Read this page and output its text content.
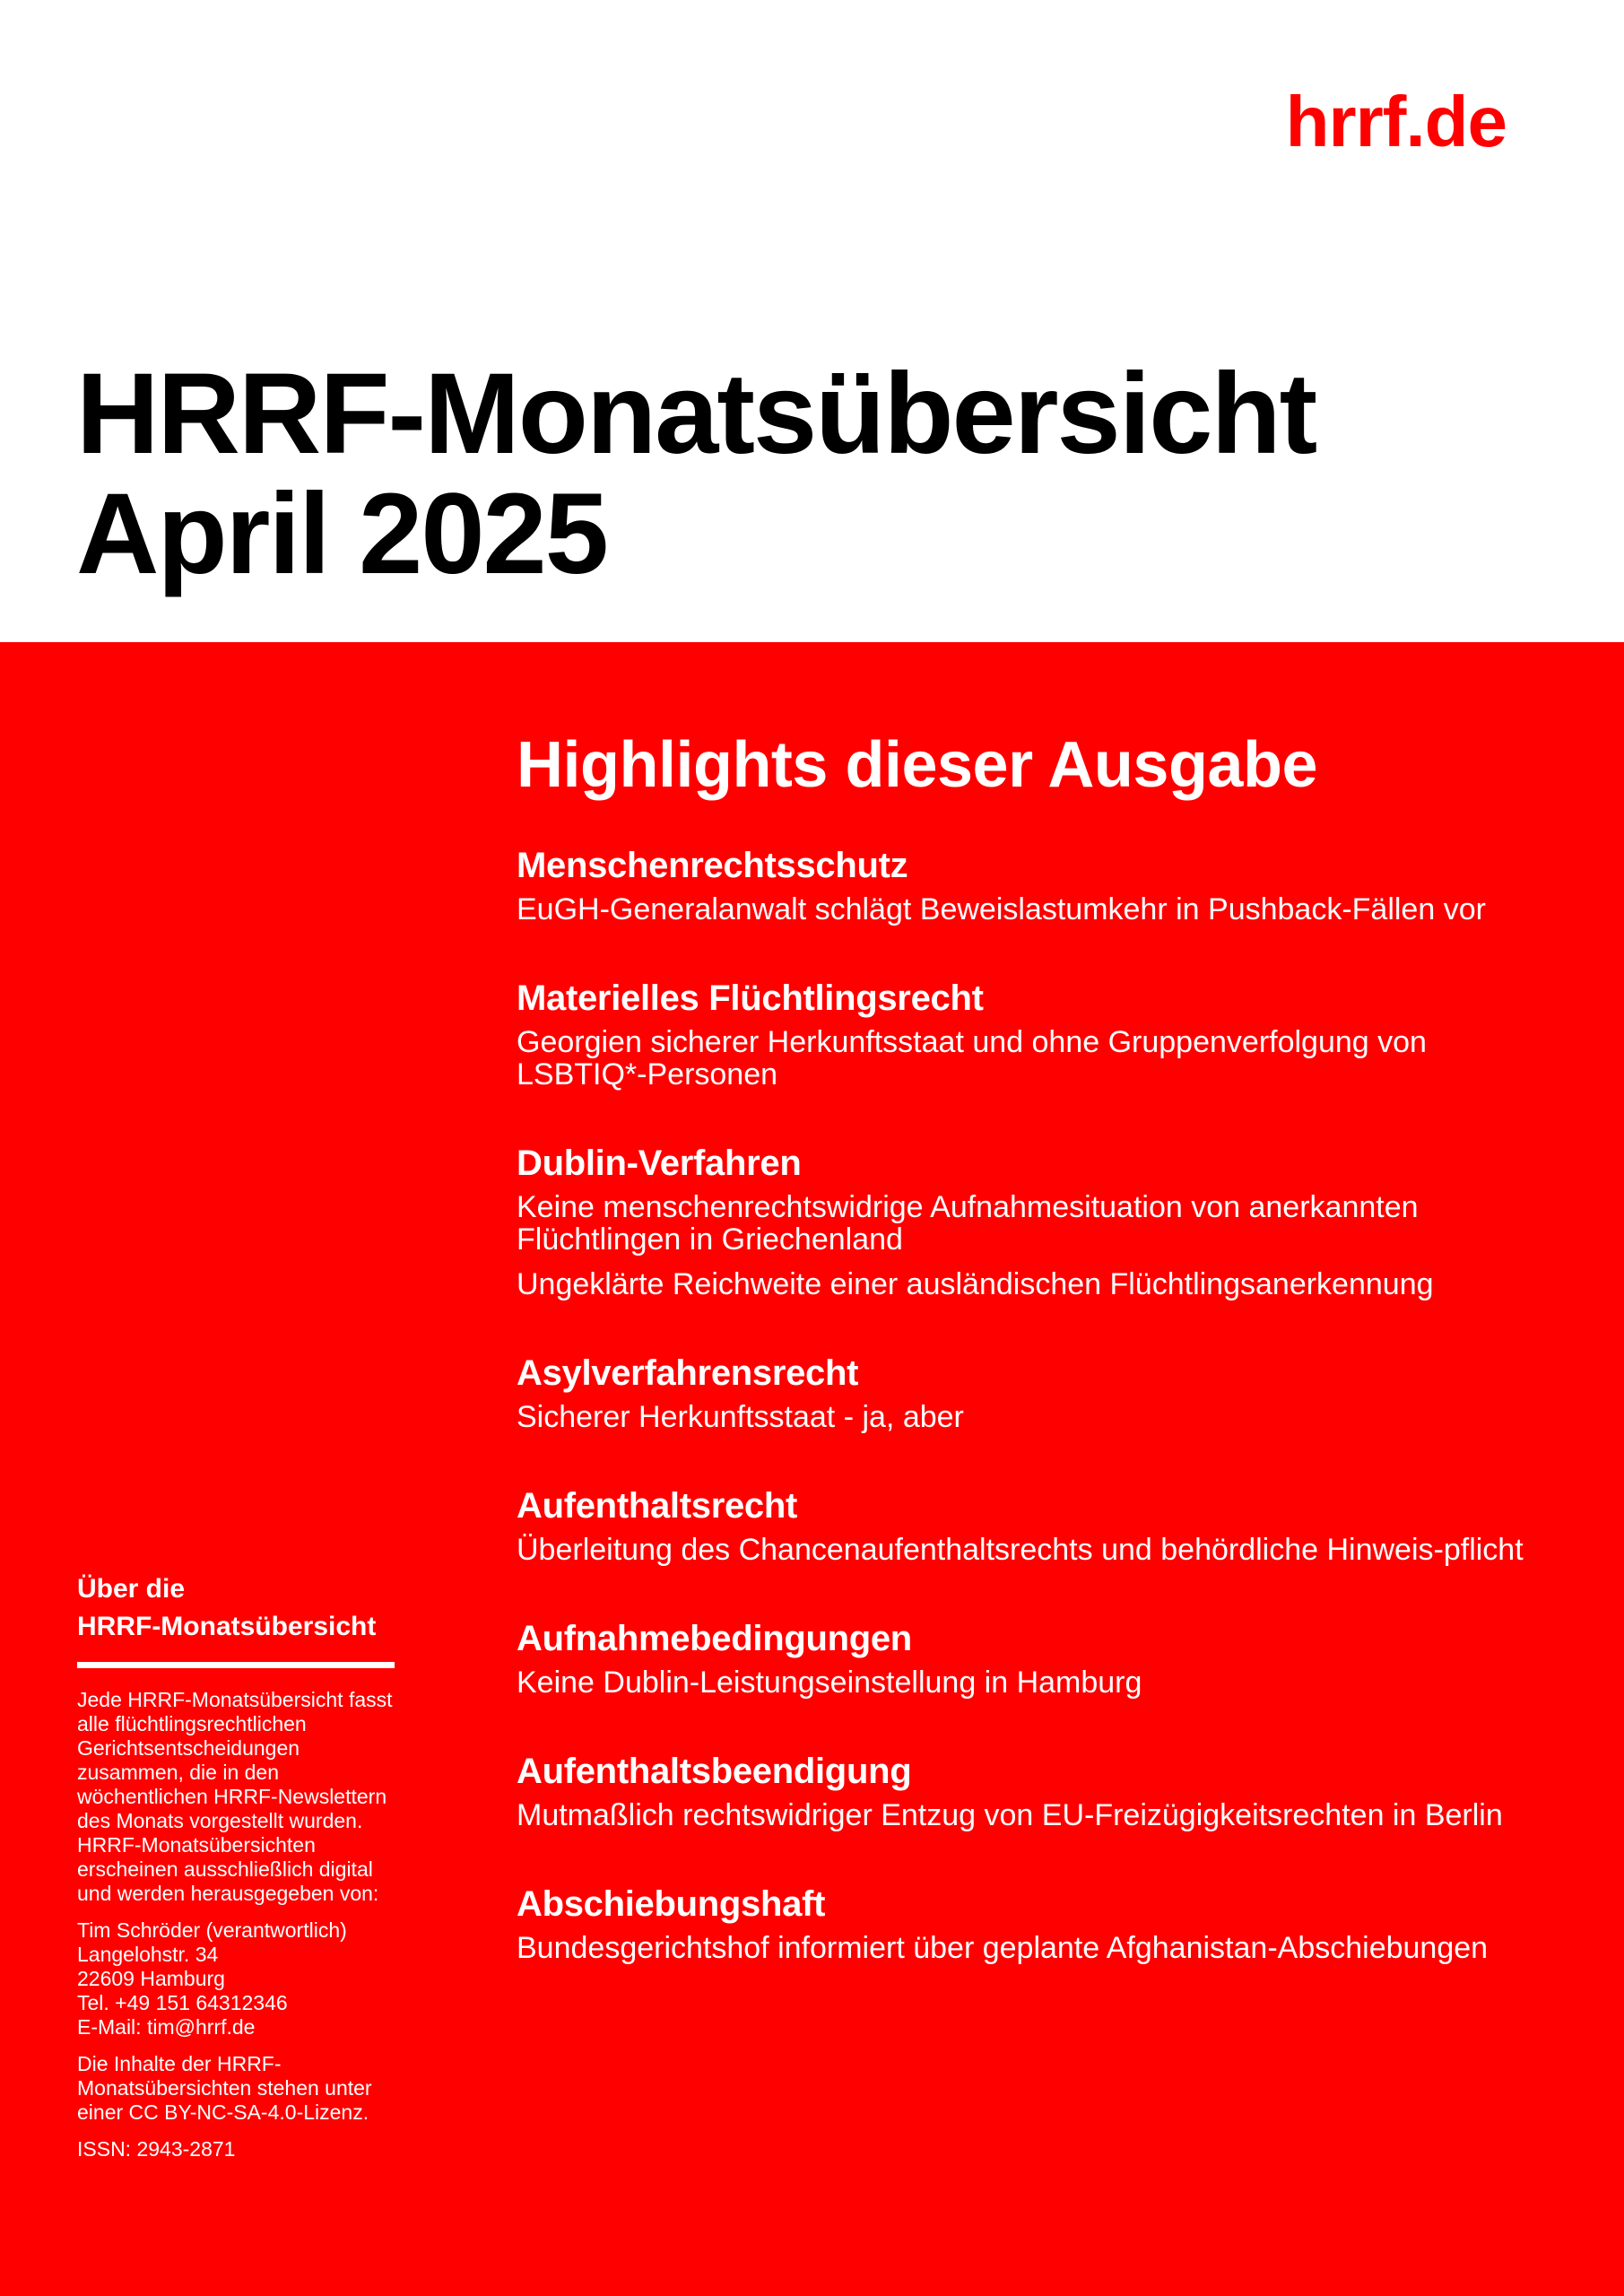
hrrf.de
HRRF-Monatsübersicht
April 2025
Highlights dieser Ausgabe
Menschenrechtsschutz
EuGH-Generalanwalt schlägt Beweislastumkehr in Pushback-Fällen vor
Materielles Flüchtlingsrecht
Georgien sicherer Herkunftsstaat und ohne Gruppenverfolgung von LSBTIQ*-Personen
Dublin-Verfahren
Keine menschenrechtswidrige Aufnahmesituation von anerkannten Flüchtlingen in Griechenland
Ungeklärte Reichweite einer ausländischen Flüchtlingsanerkennung
Asylverfahrensrecht
Sicherer Herkunftsstaat - ja, aber
Aufenthaltsrecht
Überleitung des Chancenaufenthaltsrechts und behördliche Hinweis-pflicht
Aufnahmebedingungen
Keine Dublin-Leistungseinstellung in Hamburg
Aufenthaltsbeendigung
Mutmaßlich rechtswidriger Entzug von EU-Freizügigkeitsrechten in Berlin
Abschiebungshaft
Bundesgerichtshof informiert über geplante Afghanistan-Abschiebungen
Über die
HRRF-Monatsübersicht

Jede HRRF-Monatsübersicht fasst alle flüchtlingsrechtlichen Gerichtsentscheidungen zusammen, die in den wöchentlichen HRRF-Newslettern des Monats vorgestellt wurden. HRRF-Monatsübersichten erscheinen ausschließlich digital und werden herausgegeben von:

Tim Schröder (verantwortlich)
Langelohstr. 34
22609 Hamburg
Tel. +49 151 64312346
E-Mail: tim@hrrf.de

Die Inhalte der HRRF-Monatsübersichten stehen unter einer CC BY-NC-SA-4.0-Lizenz.

ISSN: 2943-2871
